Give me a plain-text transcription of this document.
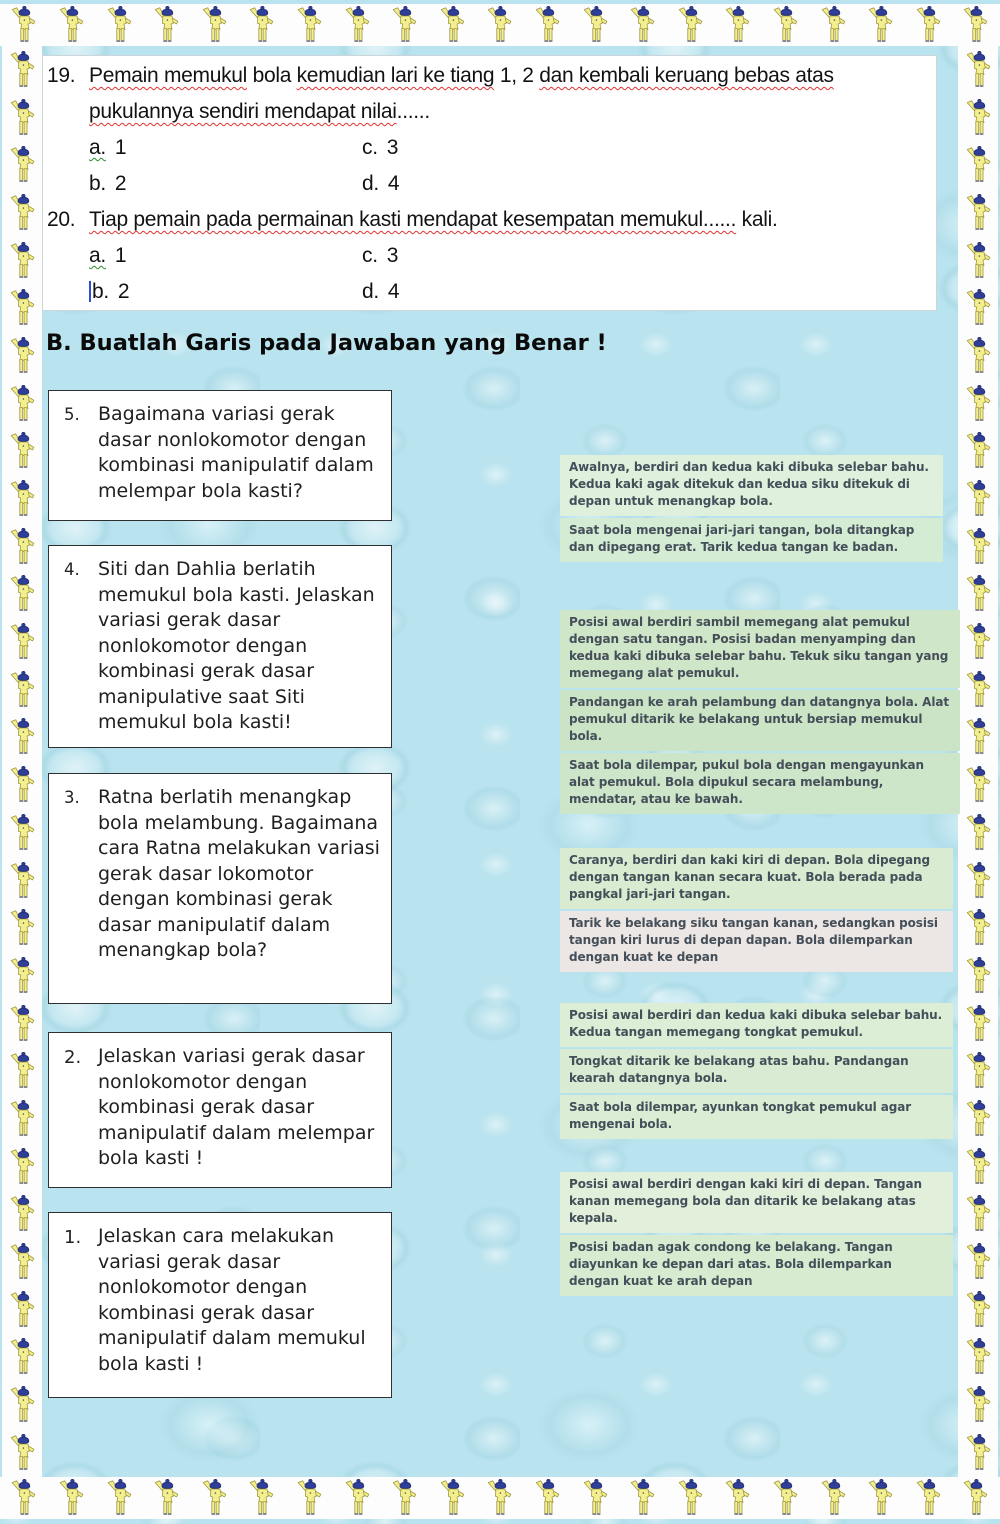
19. Pemain memukul bola kemudian lari ke tiang 1, 2 dan kembali keruang bebas atas
pukulannya sendiri mendapat nilai......
a. 1	c. 3
b. 2	d. 4
20. Tiap pemain pada permainan kasti mendapat kesempatan memukul...... kali.
a. 1	c. 3
b. 2	d. 4
B. Buatlah Garis pada Jawaban yang Benar !
5. Bagaimana variasi gerak dasar nonlokomotor dengan kombinasi manipulatif dalam melempar bola kasti?

4. Siti dan Dahlia berlatih memukul bola kasti. Jelaskan variasi gerak dasar nonlokomotor dengan kombinasi gerak dasar manipulative saat Siti memukul bola kasti!

3. Ratna berlatih menangkap bola melambung. Bagaimana cara Ratna melakukan variasi gerak dasar lokomotor dengan kombinasi gerak dasar manipulatif dalam menangkap bola?

2. Jelaskan variasi gerak dasar nonlokomotor dengan kombinasi gerak dasar manipulatif dalam melempar bola kasti !

1. Jelaskan cara melakukan variasi gerak dasar nonlokomotor dengan kombinasi gerak dasar manipulatif dalam memukul bola kasti !

Awalnya, berdiri dan kedua kaki dibuka selebar bahu. Kedua kaki agak ditekuk dan kedua siku ditekuk di depan untuk menangkap bola.
Saat bola mengenai jari-jari tangan, bola ditangkap dan dipegang erat. Tarik kedua tangan ke badan.
Posisi awal berdiri sambil memegang alat pemukul dengan satu tangan. Posisi badan menyamping dan kedua kaki dibuka selebar bahu. Tekuk siku tangan yang memegang alat pemukul.
Pandangan ke arah pelambung dan datangnya bola. Alat pemukul ditarik ke belakang untuk bersiap memukul bola.
Saat bola dilempar, pukul bola dengan mengayunkan alat pemukul. Bola dipukul secara melambung, mendatar, atau ke bawah.
Caranya, berdiri dan kaki kiri di depan. Bola dipegang dengan tangan kanan secara kuat. Bola berada pada pangkal jari-jari tangan.
Tarik ke belakang siku tangan kanan, sedangkan posisi tangan kiri lurus di depan dapan. Bola dilemparkan dengan kuat ke depan
Posisi awal berdiri dan kedua kaki dibuka selebar bahu. Kedua tangan memegang tongkat pemukul.
Tongkat ditarik ke belakang atas bahu. Pandangan kearah datangnya bola.
Saat bola dilempar, ayunkan tongkat pemukul agar mengenai bola.
Posisi awal berdiri dengan kaki kiri di depan. Tangan kanan memegang bola dan ditarik ke belakang atas kepala.
Posisi badan agak condong ke belakang. Tangan diayunkan ke depan dari atas. Bola dilemparkan dengan kuat ke arah depan
